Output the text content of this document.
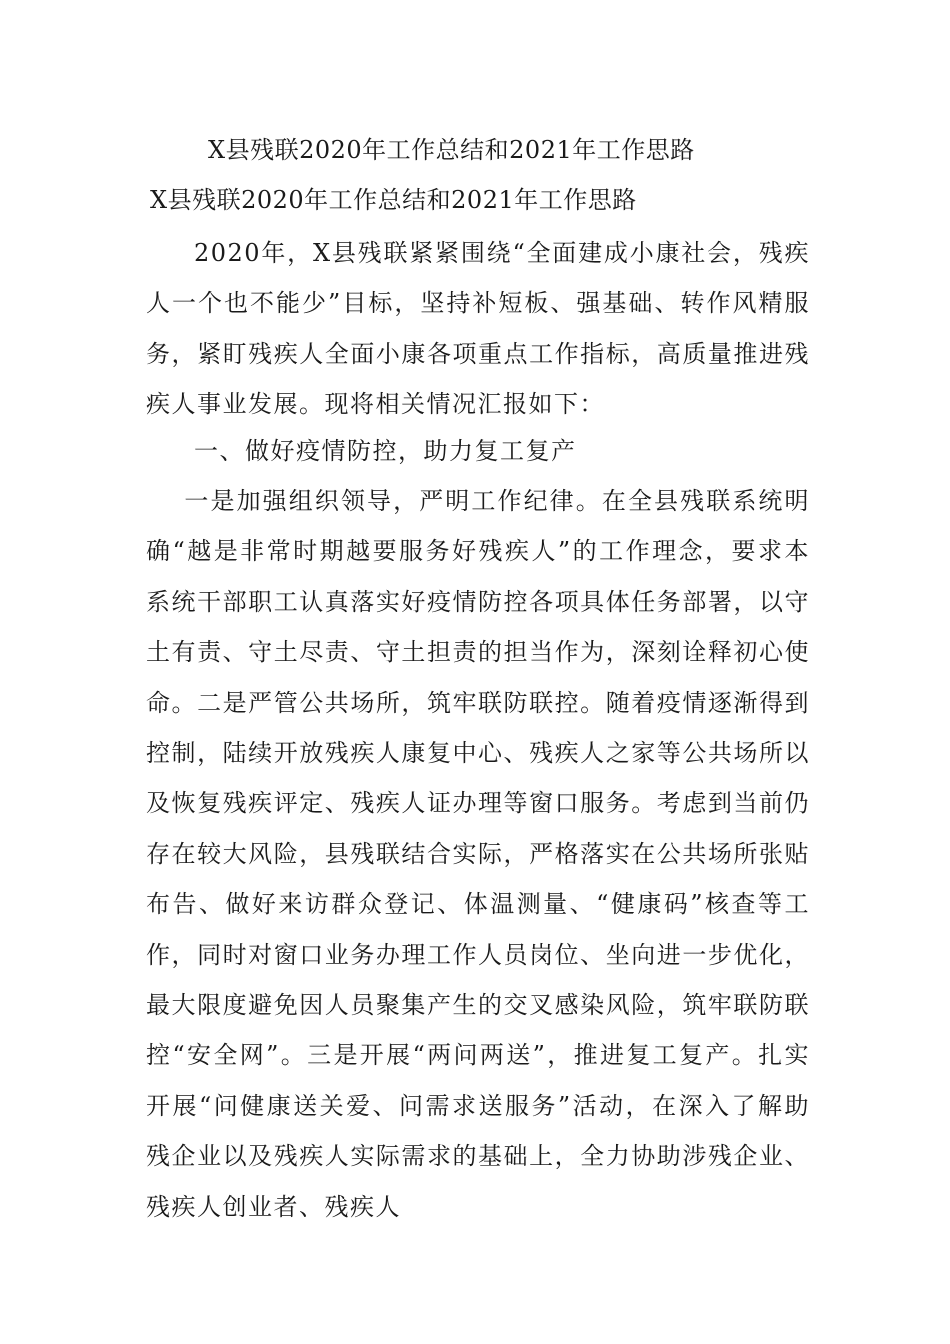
X县残联2020年工作总结和2021年工作思路
X县残联2020年工作总结和2021年工作思路

2020年，X县残联紧紧围绕“全面建成小康社会，残疾人一个也不能少”目标，坚持补短板、强基础、转作风精服务，紧盯残疾人全面小康各项重点工作指标，高质量推进残疾人事业发展。现将相关情况汇报如下：

一、做好疫情防控，助力复工复产

一是加强组织领导，严明工作纪律。在全县残联系统明确“越是非常时期越要服务好残疾人”的工作理念，要求本系统干部职工认真落实好疫情防控各项具体任务部署，以守土有责、守土尽责、守土担责的担当作为，深刻诠释初心使命。二是严管公共场所，筑牢联防联控。随着疫情逐渐得到控制，陆续开放残疾人康复中心、残疾人之家等公共场所以及恢复残疾评定、残疾人证办理等窗口服务。考虑到当前仍存在较大风险，县残联结合实际，严格落实在公共场所张贴布告、做好来访群众登记、体温测量、“健康码”核查等工作，同时对窗口业务办理工作人员岗位、坐向进一步优化，最大限度避免因人员聚集产生的交叉感染风险，筑牢联防联控“安全网”。三是开展“两问两送”，推进复工复产。扎实开展“问健康送关爱、问需求送服务”活动，在深入了解助残企业以及残疾人实际需求的基础上，全力协助涉残企业、残疾人创业者、残疾人
